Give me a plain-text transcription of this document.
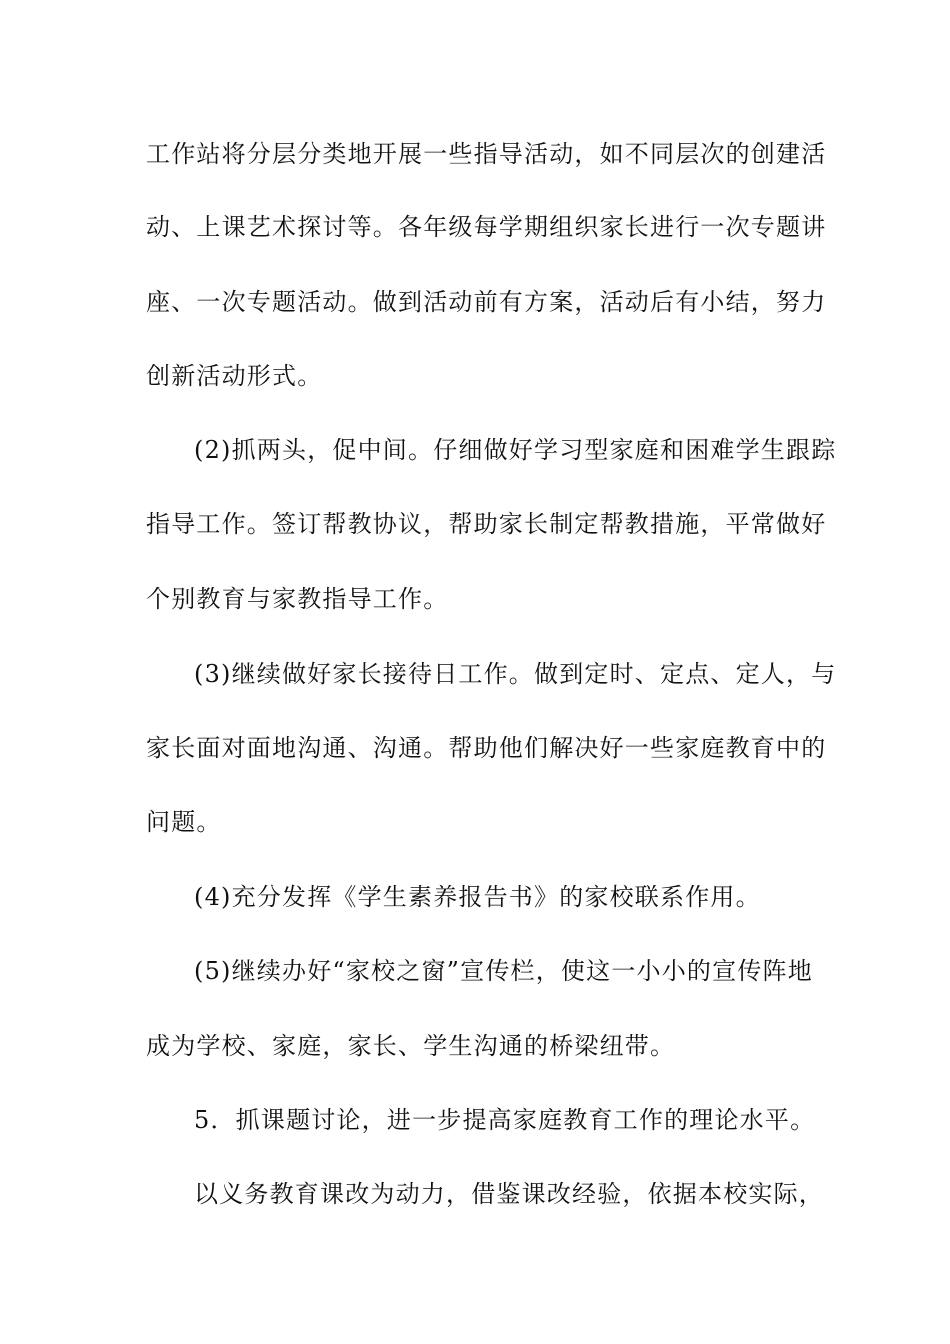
工作站将分层分类地开展一些指导活动，如不同层次的创建活
动、上课艺术探讨等。各年级每学期组织家长进行一次专题讲
座、一次专题活动。做到活动前有方案，活动后有小结，努力
创新活动形式。
(2)抓两头，促中间。仔细做好学习型家庭和困难学生跟踪
指导工作。签订帮教协议，帮助家长制定帮教措施，平常做好
个别教育与家教指导工作。
(3)继续做好家长接待日工作。做到定时、定点、定人，与
家长面对面地沟通、沟通。帮助他们解决好一些家庭教育中的
问题。
(4)充分发挥《学生素养报告书》的家校联系作用。
(5)继续办好“家校之窗”宣传栏，使这一小小的宣传阵地
成为学校、家庭，家长、学生沟通的桥梁纽带。
5．抓课题讨论，进一步提高家庭教育工作的理论水平。
以义务教育课改为动力，借鉴课改经验，依据本校实际，
